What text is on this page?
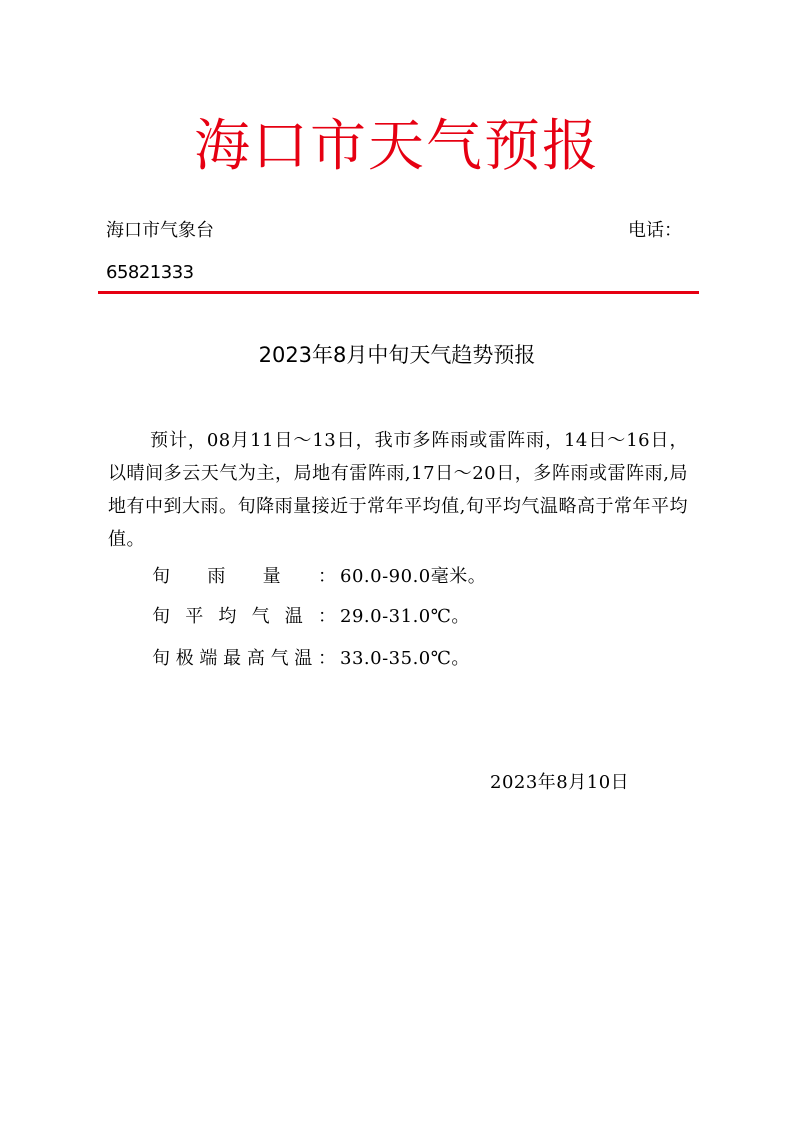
海口市天气预报
海口市气象台	电话：
65821333
2023年8月中旬天气趋势预报
预计，08月11日～13日，我市多阵雨或雷阵雨，14日～16日，以晴间多云天气为主，局地有雷阵雨,17日～20日，多阵雨或雷阵雨,局地有中到大雨。旬降雨量接近于常年平均值,旬平均气温略高于常年平均值。
旬雨量： 60.0-90.0毫米。
旬平均气温： 29.0-31.0℃。
旬极端最高气温： 33.0-35.0℃。
2023年8月10日
